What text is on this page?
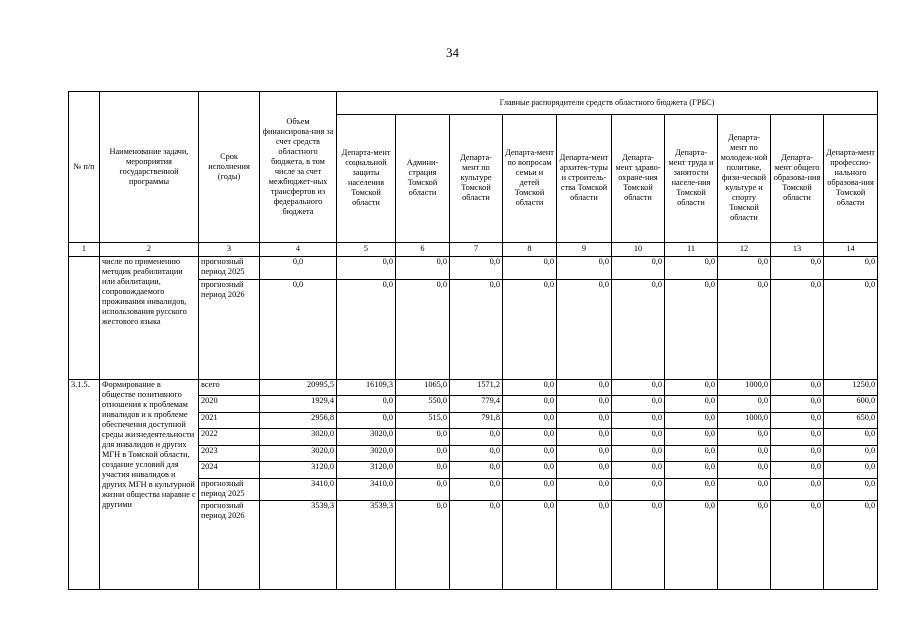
34
№ п/п	Наименование задачи, мероприятия государственной программы	Срок исполнения (годы)	Объем финансирова-ния за счет средств областного бюджета, в том числе за счет межбюджет-ных трансфертов из федерального бюджета	Главные распорядители средств областного бюджета (ГРБС)									
				Департа-мент социальной защиты населения Томской области	Админи-страция Томской области	Департа-мент по культуре Томской области	Департа-мент по вопросам семьи и детей Томской области	Департа-мент архитек-туры и строитель-ства Томской области	Департа-мент здраво-охране-ния Томской области	Департа-мент труда и занятости населе-ния Томской области	Департа-мент по молодеж-ной политике, физи-ческой культуре и спорту Томской области	Департа-мент общего образова-ния Томской области	Департа-мент профессио-нального образова-ния Томской области
1	2	3	4	5	6	7	8	9	10	11	12	13	14
	числе по применению методик реабилитации или абилитации, сопровождаемого проживания инвалидов, использования русского жестового языка	прогнозный период 2025	0,0	0,0	0,0	0,0	0,0	0,0	0,0	0,0	0,0	0,0	0,0
		прогнозный период 2026	0,0	0,0	0,0	0,0	0,0	0,0	0,0	0,0	0,0	0,0	0,0
3.1.5.	Формирование в обществе позитивного отношения к проблемам инвалидов и к проблеме обеспечения доступной среды жизнедеятельности для инвалидов и других МГН в Томской области, создание условий для участия инвалидов и других МГН в культурной жизни общества наравне с другими	всего	20995,5	16109,3	1065,0	1571,2	0,0	0,0	0,0	0,0	1000,0	0,0	1250,0
		2020	1929,4	0,0	550,0	779,4	0,0	0,0	0,0	0,0	0,0	0,0	600,0
		2021	2956,8	0,0	515,0	791,8	0,0	0,0	0,0	0,0	1000,0	0,0	650,0
		2022	3020,0	3020,0	0,0	0,0	0,0	0,0	0,0	0,0	0,0	0,0	0,0
		2023	3020,0	3020,0	0,0	0,0	0,0	0,0	0,0	0,0	0,0	0,0	0,0
		2024	3120,0	3120,0	0,0	0,0	0,0	0,0	0,0	0,0	0,0	0,0	0,0
		прогнозный период 2025	3410,0	3410,0	0,0	0,0	0,0	0,0	0,0	0,0	0,0	0,0	0,0
		прогнозный период 2026	3539,3	3539,3	0,0	0,0	0,0	0,0	0,0	0,0	0,0	0,0	0,0
